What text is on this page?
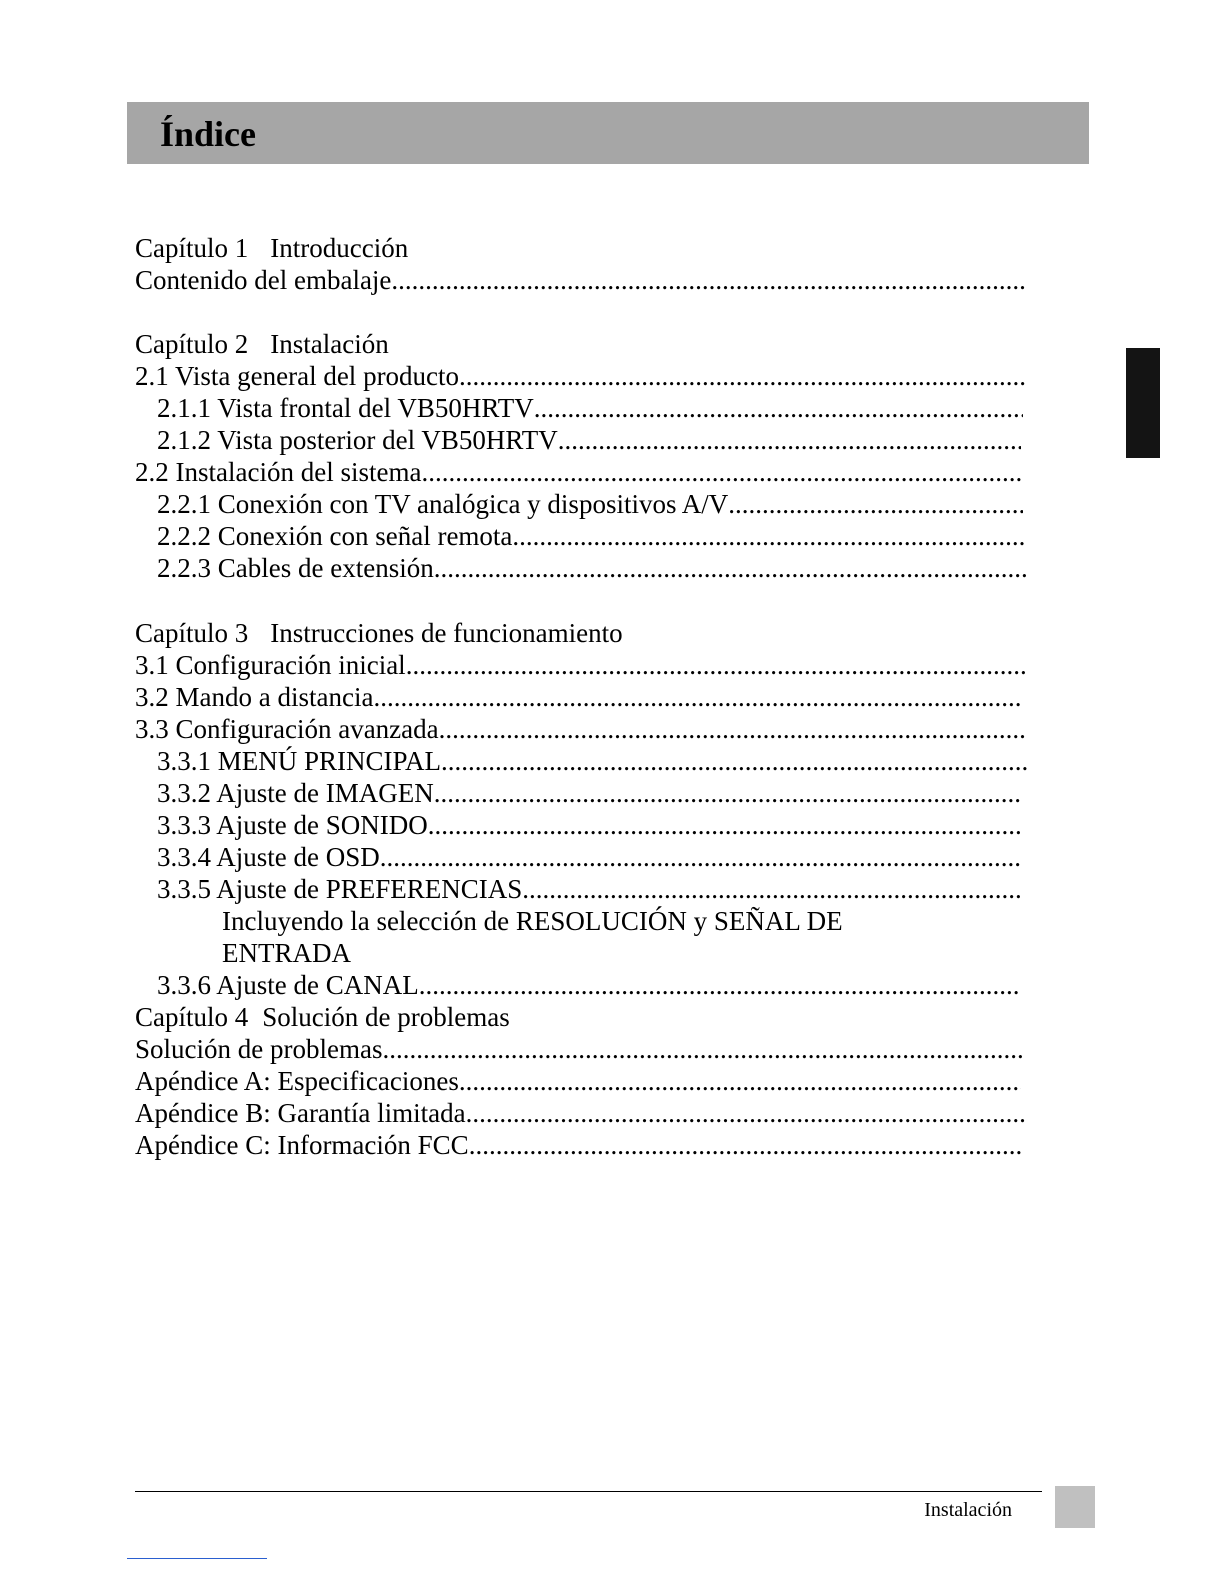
Índice
Capítulo 1 Introducción
Contenido del embalaje
.....
Capítulo 2 Instalación
2.1 Vista general del producto
.....
2.1.1 Vista frontal del VB50HRTV
.....
2.1.2 Vista posterior del VB50HRTV
.....
2.2 Instalación del sistema
.....
2.2.1 Conexión con TV analógica y dispositivos A/V
.....
2.2.2 Conexión con señal remota
.....
2.2.3 Cables de extensión
.....
Capítulo 3 Instrucciones de funcionamiento
3.1 Configuración inicial
.....
3.2 Mando a distancia
.....
3.3 Configuración avanzada
.....
3.3.1 MENÚ PRINCIPAL
.....
3.3.2 Ajuste de IMAGEN
.....
3.3.3 Ajuste de SONIDO
.....
3.3.4 Ajuste de OSD
.....
3.3.5 Ajuste de PREFERENCIAS
.....
Incluyendo la selección de RESOLUCIÓN y SEÑAL DE
ENTRADA
3.3.6 Ajuste de CANAL
.....
Capítulo 4 Solución de problemas
Solución de problemas
.....
Apéndice A: Especificaciones
.....
Apéndice B: Garantía limitada
.....
Apéndice C: Información FCC
.....
Instalación
